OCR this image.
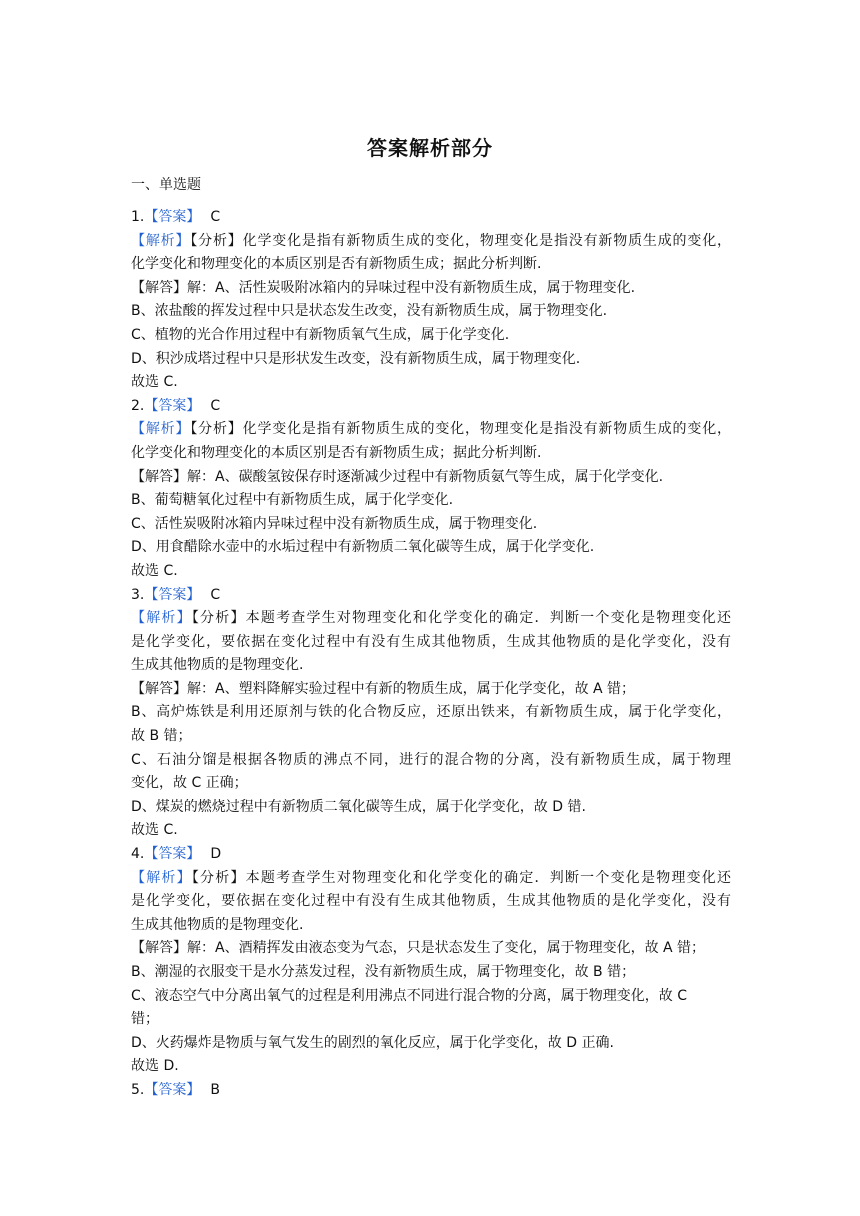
答案解析部分
一、单选题
1.【答案】 C
【解析】【分析】化学变化是指有新物质生成的变化，物理变化是指没有新物质生成的变化，
化学变化和物理变化的本质区别是否有新物质生成；据此分析判断.
【解答】解：A、活性炭吸附冰箱内的异味过程中没有新物质生成，属于物理变化.
B、浓盐酸的挥发过程中只是状态发生改变，没有新物质生成，属于物理变化.
C、植物的光合作用过程中有新物质氧气生成，属于化学变化.
D、积沙成塔过程中只是形状发生改变，没有新物质生成，属于物理变化.
故选 C.
2.【答案】 C
【解析】【分析】化学变化是指有新物质生成的变化，物理变化是指没有新物质生成的变化，
化学变化和物理变化的本质区别是否有新物质生成；据此分析判断.
【解答】解：A、碳酸氢铵保存时逐渐减少过程中有新物质氨气等生成，属于化学变化.
B、葡萄糖氧化过程中有新物质生成，属于化学变化.
C、活性炭吸附冰箱内异味过程中没有新物质生成，属于物理变化.
D、用食醋除水壶中的水垢过程中有新物质二氧化碳等生成，属于化学变化.
故选 C.
3.【答案】 C
【解析】【分析】本题考查学生对物理变化和化学变化的确定．判断一个变化是物理变化还
是化学变化，要依据在变化过程中有没有生成其他物质，生成其他物质的是化学变化，没有
生成其他物质的是物理变化.
【解答】解：A、塑料降解实验过程中有新的物质生成，属于化学变化，故 A 错；
B、高炉炼铁是利用还原剂与铁的化合物反应，还原出铁来，有新物质生成，属于化学变化，
故 B 错；
C、石油分馏是根据各物质的沸点不同，进行的混合物的分离，没有新物质生成，属于物理
变化，故 C 正确；
D、煤炭的燃烧过程中有新物质二氧化碳等生成，属于化学变化，故 D 错.
故选 C.
4.【答案】 D
【解析】【分析】本题考查学生对物理变化和化学变化的确定．判断一个变化是物理变化还
是化学变化，要依据在变化过程中有没有生成其他物质，生成其他物质的是化学变化，没有
生成其他物质的是物理变化.
【解答】解：A、酒精挥发由液态变为气态，只是状态发生了变化，属于物理变化，故 A 错；
B、潮湿的衣服变干是水分蒸发过程，没有新物质生成，属于物理变化，故 B 错；
C、液态空气中分离出氧气的过程是利用沸点不同进行混合物的分离，属于物理变化，故 C
错；
D、火药爆炸是物质与氧气发生的剧烈的氧化反应，属于化学变化，故 D 正确.
故选 D.
5.【答案】 B
